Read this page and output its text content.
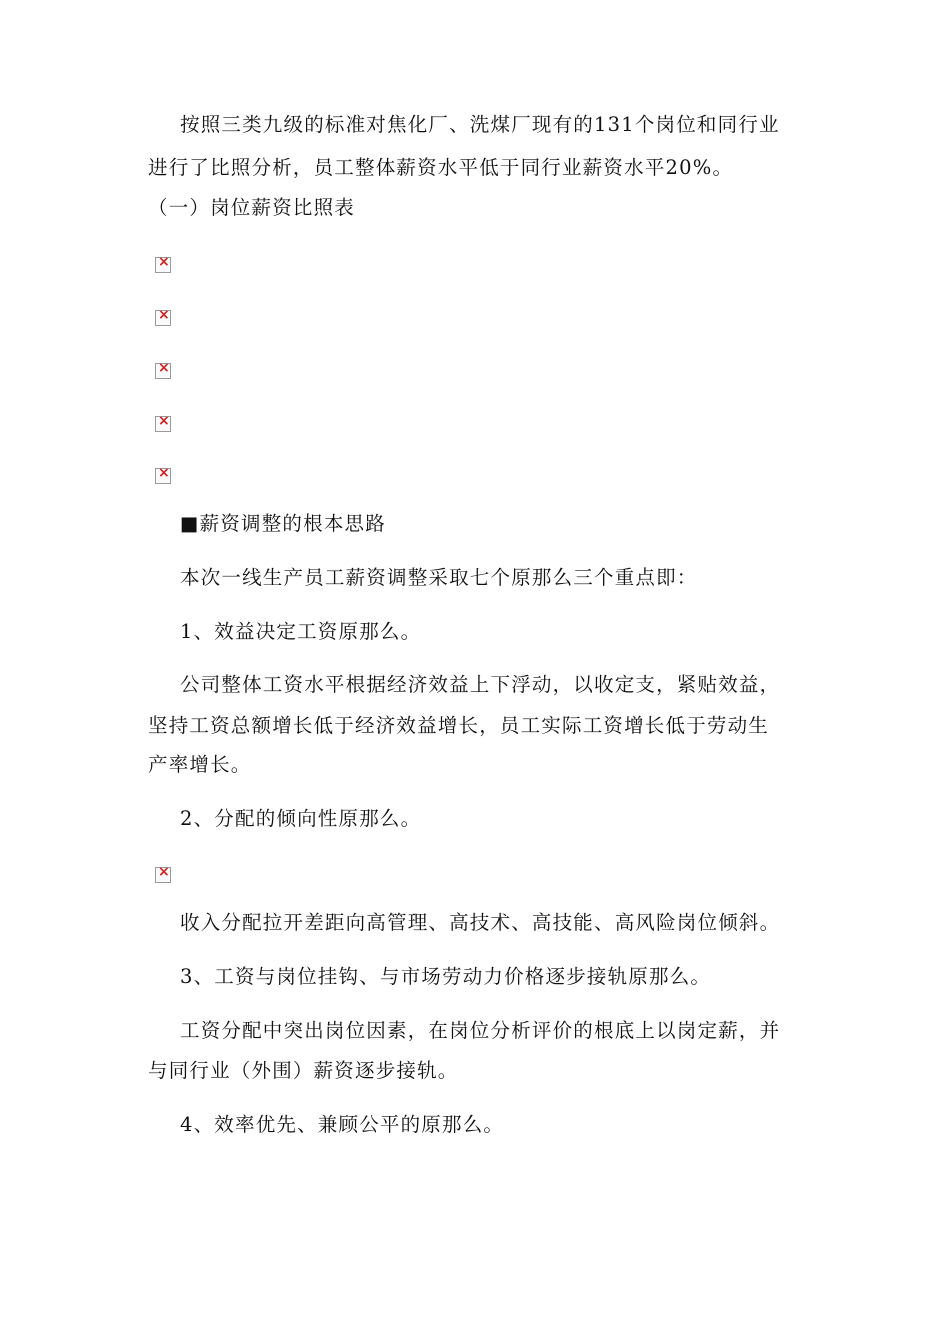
按照三类九级的标准对焦化厂、洗煤厂现有的131个岗位和同行业
进行了比照分析，员工整体薪资水平低于同行业薪资水平20%。
（一）岗位薪资比照表
×
×
×
×
×
■薪资调整的根本思路
本次一线生产员工薪资调整采取七个原那么三个重点即：
1、效益决定工资原那么。
公司整体工资水平根据经济效益上下浮动，以收定支，紧贴效益，
坚持工资总额增长低于经济效益增长，员工实际工资增长低于劳动生
产率增长。
2、分配的倾向性原那么。
×
收入分配拉开差距向高管理、高技术、高技能、高风险岗位倾斜。
3、工资与岗位挂钩、与市场劳动力价格逐步接轨原那么。
工资分配中突出岗位因素，在岗位分析评价的根底上以岗定薪，并
与同行业（外围）薪资逐步接轨。
4、效率优先、兼顾公平的原那么。
